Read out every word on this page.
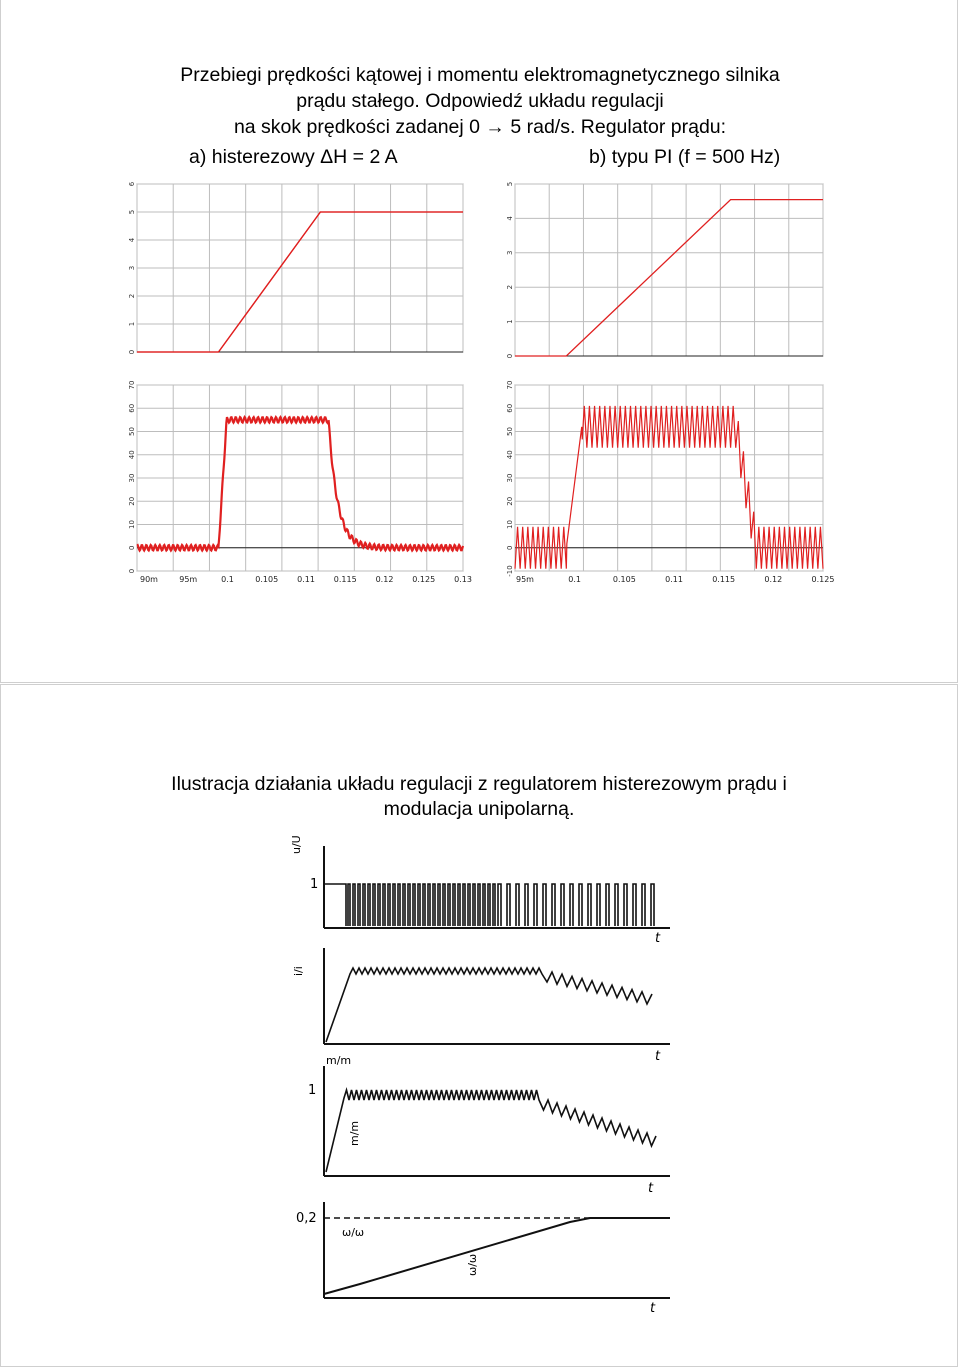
Przebiegi prędkości kątowej i momentu elektromagnetycznego silnika
prądu stałego. Odpowiedź układu regulacji
na skok prędkości zadanej 0 → 5 rad/s. Regulator prądu:
a) histerezowy ΔH = 2 A	b) typu PI (f = 500 Hz)
0
1
2
3
4
5
6
0
1
2
3
4
5
0
0
10
20
30
40
50
60
70
90m	95m	0.1	0.105 0.11 0.115 0.12 0.125 0.13
-10
0
10
20
30
40
50
60
70
95m	0.1	0.105	0.11	0.115	0.12	0.125
Ilustracja działania układu regulacji z regulatorem histerezowym prądu i
modulacja unipolarną.
u/U
1
t
i/i
t
m/m
1
t
m/m
0,2
ω/ω
t
ω/ω
